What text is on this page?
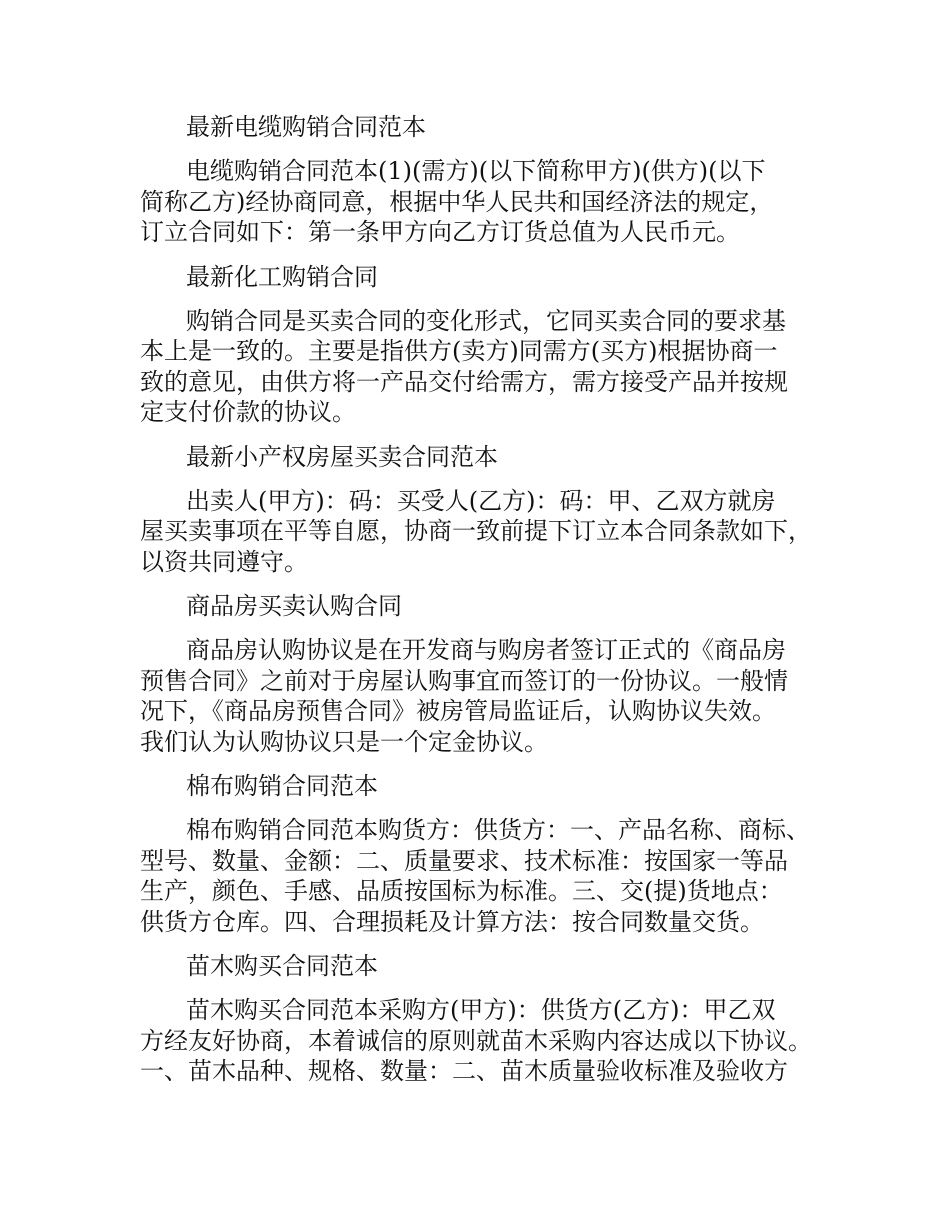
最新电缆购销合同范本

电缆购销合同范本(1)(需方)(以下简称甲方)(供方)(以下
简称乙方)经协商同意，根据中华人民共和国经济法的规定，
订立合同如下：第一条甲方向乙方订货总值为人民币元。

最新化工购销合同

购销合同是买卖合同的变化形式，它同买卖合同的要求基
本上是一致的。主要是指供方(卖方)同需方(买方)根据协商一
致的意见，由供方将一产品交付给需方，需方接受产品并按规
定支付价款的协议。

最新小产权房屋买卖合同范本

出卖人(甲方)：码：买受人(乙方)：码：甲、乙双方就房
屋买卖事项在平等自愿，协商一致前提下订立本合同条款如下，
以资共同遵守。

商品房买卖认购合同

商品房认购协议是在开发商与购房者签订正式的《商品房
预售合同》之前对于房屋认购事宜而签订的一份协议。一般情
况下，《商品房预售合同》被房管局监证后，认购协议失效。
我们认为认购协议只是一个定金协议。

棉布购销合同范本

棉布购销合同范本购货方：供货方：一、产品名称、商标、
型号、数量、金额：二、质量要求、技术标准：按国家一等品
生产，颜色、手感、品质按国标为标准。三、交(提)货地点：
供货方仓库。四、合理损耗及计算方法：按合同数量交货。

苗木购买合同范本

苗木购买合同范本采购方(甲方)：供货方(乙方)：甲乙双
方经友好协商，本着诚信的原则就苗木采购内容达成以下协议。
一、苗木品种、规格、数量：二、苗木质量验收标准及验收方
